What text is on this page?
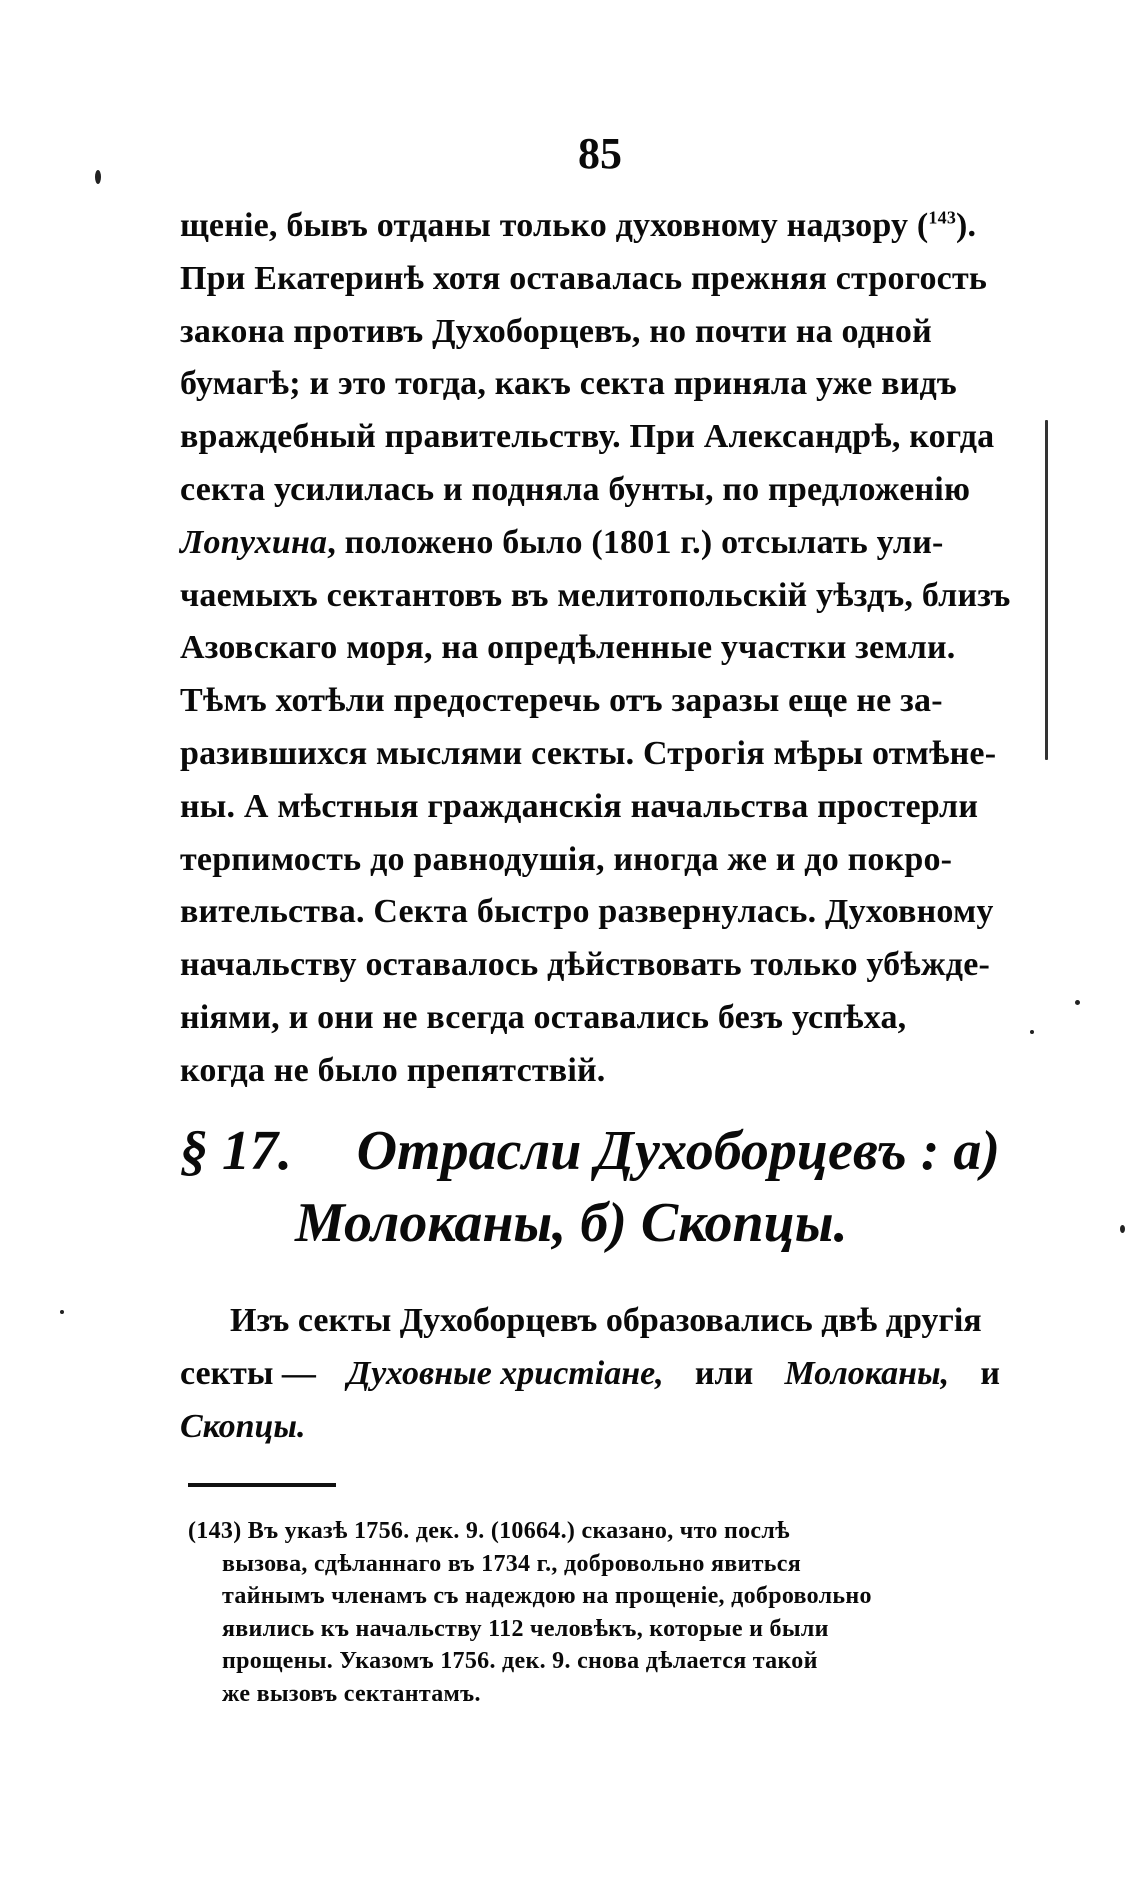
85
щеніе, бывъ отданы только духовному надзору ($^{143}$).
При Екатеринѣ хотя оставалась прежняя строгость
закона противъ Духоборцевъ, но почти на одной
бумагѣ; и это тогда, какъ секта приняла уже видъ
враждебный правительству. При Александрѣ, когда
секта усилилась и подняла бунты, по предложенію
Лопухина , положено было (1801 г.) отсылать ули-
чаемыхъ сектантовъ въ мелитопольскій уѣздъ, близъ
Азовскаго моря, на опредѣленные участки земли.
Тѣмъ хотѣли предостеречь отъ заразы еще не за-
разившихся мыслями секты. Строгія мѣры отмѣне-
ны. А мѣстныя гражданскія начальства простерли
терпимость до равнодушія, иногда же и до покро-
вительства. Секта быстро развернулась. Духовному
начальству оставалось дѣйствовать только убѣжде-
ніями, и они не всегда оставались безъ успѣха,
когда не было препятствій.
§ 17. Отрасли Духоборцевъ : а)
Молоканы, б) Скопцы.
Изъ секты Духоборцевъ образовались двѣ другія
секты — Духовные христіане, или Молоканы, и
Скопцы.
(143) Въ указѣ 1756. дек. 9. (10664.) сказано, что послѣ
вызова, сдѣланнаго въ 1734 г., добровольно явиться
тайнымъ членамъ съ надеждою на прощеніе, добровольно
явились къ начальству 112 человѣкъ, которые и были
прощены. Указомъ 1756. дек. 9. снова дѣлается такой
же вызовъ сектантамъ.
